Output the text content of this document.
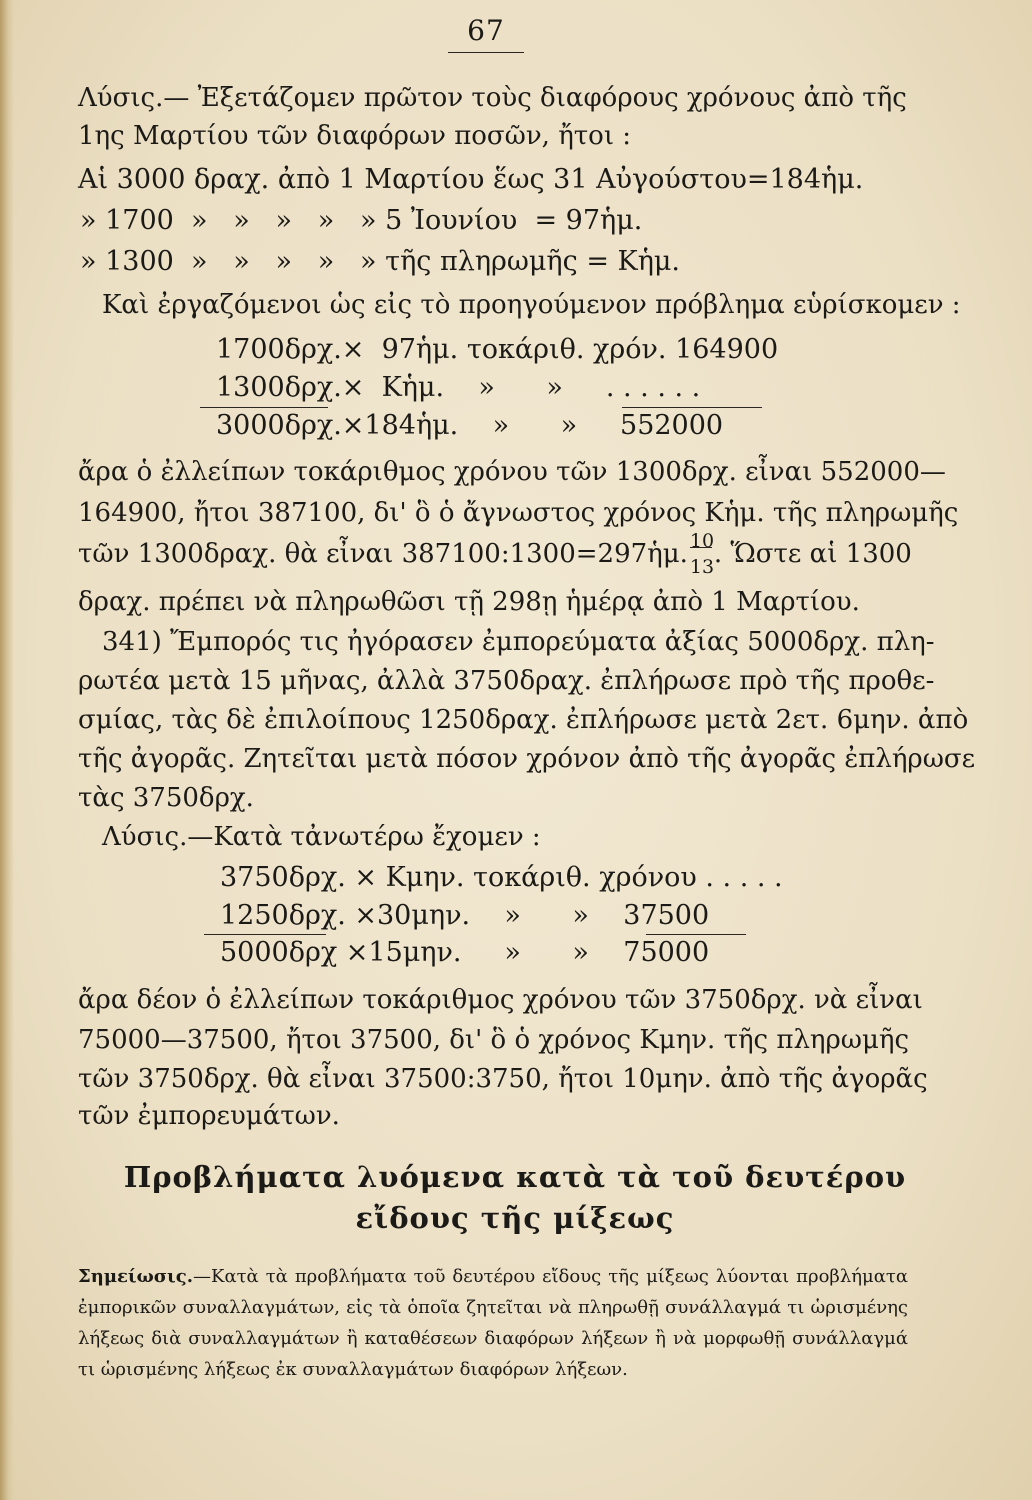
67
Λύσις.— Ἐξετάζομεν πρῶτον τοὺς διαφόρους χρόνους ἀπὸ τῆς
1ης Μαρτίου τῶν διαφόρων ποσῶν, ἤτοι :
Αἱ 3000 δραχ. ἀπὸ 1 Μαρτίου ἕως 31 Αὐγούστου=184ἡμ.
» 1700  »   »   »   »   » 5 Ἰουνίου  = 97ἡμ.
» 1300  »   »   »   »   » τῆς πληρωμῆς = Κἡμ.
Καὶ ἐργαζόμενοι ὡς εἰς τὸ προηγούμενον πρόβλημα εὑρίσκομεν :
1700δρχ.×  97ἡμ. τοκάριθ. χρόν. 164900
1300δρχ.×  Κἡμ.    »      »     . . . . . .
3000δρχ.×184ἡμ.    »      »     552000
ἄρα ὁ ἐλλείπων τοκάριθμος χρόνου τῶν 1300δρχ. εἶναι 552000—
164900, ἤτοι 387100, δι' ὃ ὁ ἄγνωστος χρόνος Κἡμ. τῆς πληρωμῆς
τῶν 1300δραχ. θὰ εἶναι 387100:1300=297ἡμ. $\frac{10}{13}$ . Ὥστε αἱ 1300
δραχ. πρέπει νὰ πληρωθῶσι τῇ 298ῃ ἡμέρᾳ ἀπὸ 1 Μαρτίου.
341) Ἔμπορός τις ἠγόρασεν ἐμπορεύματα ἀξίας 5000δρχ. πλη-
ρωτέα μετὰ 15 μῆνας, ἀλλὰ 3750δραχ. ἐπλήρωσε πρὸ τῆς προθε-
σμίας, τὰς δὲ ἐπιλοίπους 1250δραχ. ἐπλήρωσε μετὰ 2ετ. 6μην. ἀπὸ
τῆς ἀγορᾶς. Ζητεῖται μετὰ πόσον χρόνον ἀπὸ τῆς ἀγορᾶς ἐπλήρωσε
τὰς 3750δρχ.
Λύσις.—Κατὰ τἀνωτέρω ἔχομεν :
3750δρχ. × Κμην. τοκάριθ. χρόνου . . . . .
1250δρχ. ×30μην.    »      »    37500
5000δρχ ×15μην.     »      »    75000
ἄρα δέον ὁ ἐλλείπων τοκάριθμος χρόνου τῶν 3750δρχ. νὰ εἶναι
75000—37500, ἤτοι 37500, δι' ὃ ὁ χρόνος Κμην. τῆς πληρωμῆς
τῶν 3750δρχ. θὰ εἶναι 37500:3750, ἤτοι 10μην. ἀπὸ τῆς ἀγορᾶς
τῶν ἐμπορευμάτων.
Προβλήματα λυόμενα κατὰ τὰ τοῦ δευτέρου
εἴδους τῆς μίξεως
Σημείωσις.—Κατὰ τὰ προβλήματα τοῦ δευτέρου εἴδους τῆς μίξεως λύονται προβλήματα ἐμπορικῶν συναλλαγμάτων, εἰς τὰ ὁποῖα ζητεῖται νὰ πληρωθῇ συνάλλαγμά τι ὡρισμένης λήξεως διὰ συναλλαγμάτων ἢ καταθέσεων διαφόρων λήξεων ἢ νὰ μορφωθῇ συνάλλαγμά τι ὡρισμένης λήξεως ἐκ συναλλαγμάτων διαφόρων λήξεων.
